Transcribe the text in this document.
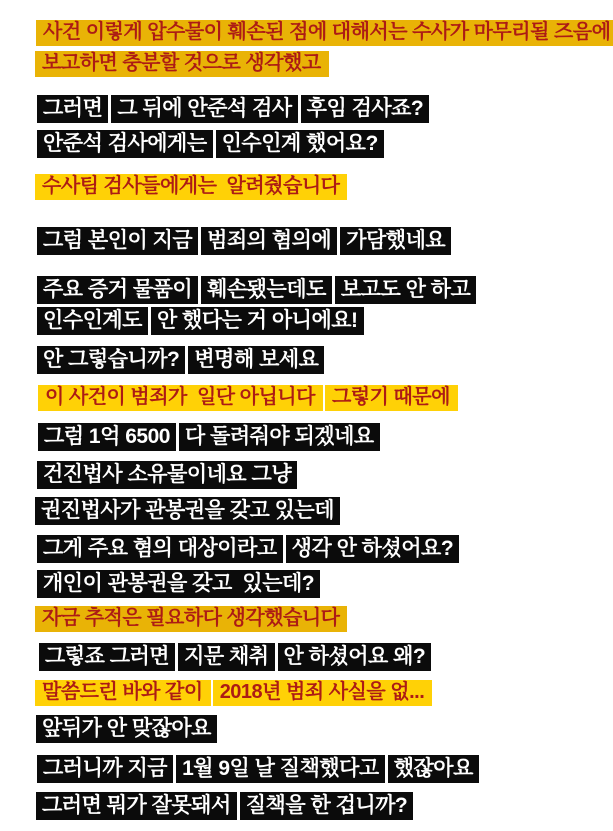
사건 이렇게 압수물이 훼손된 점에 대해서는 수사가 마무리될 즈음에
보고하면 충분할 것으로 생각했고
그러면 그 뒤에 안준석 검사 후임 검사죠?
안준석 검사에게는 인수인계 했어요?
수사팀 검사들에게는  알려줬습니다
그럼 본인이 지금 범죄의 혐의에 가담했네요
주요 증거 물품이 훼손됐는데도 보고도 안 하고
인수인계도 안 했다는 거 아니에요!
안 그렇습니까? 변명해 보세요
이 사건이 범죄가  일단 아닙니다 그렇기 때문에
그럼 1억 6500 다 돌려줘야 되겠네요
건진법사 소유물이네요 그냥
권진법사가 관봉권을 갖고 있는데
그게 주요 혐의 대상이라고 생각 안 하셨어요?
개인이 관봉권을 갖고  있는데?
자금 추적은 필요하다 생각했습니다
그렇죠 그러면 지문 채취 안 하셨어요 왜?
말씀드린 바와 같이 2018년 범죄 사실을 없...
앞뒤가 안 맞잖아요
그러니까 지금 1월 9일 날 질책했다고 했잖아요
그러면 뭐가 잘못돼서 질책을 한 겁니까?
